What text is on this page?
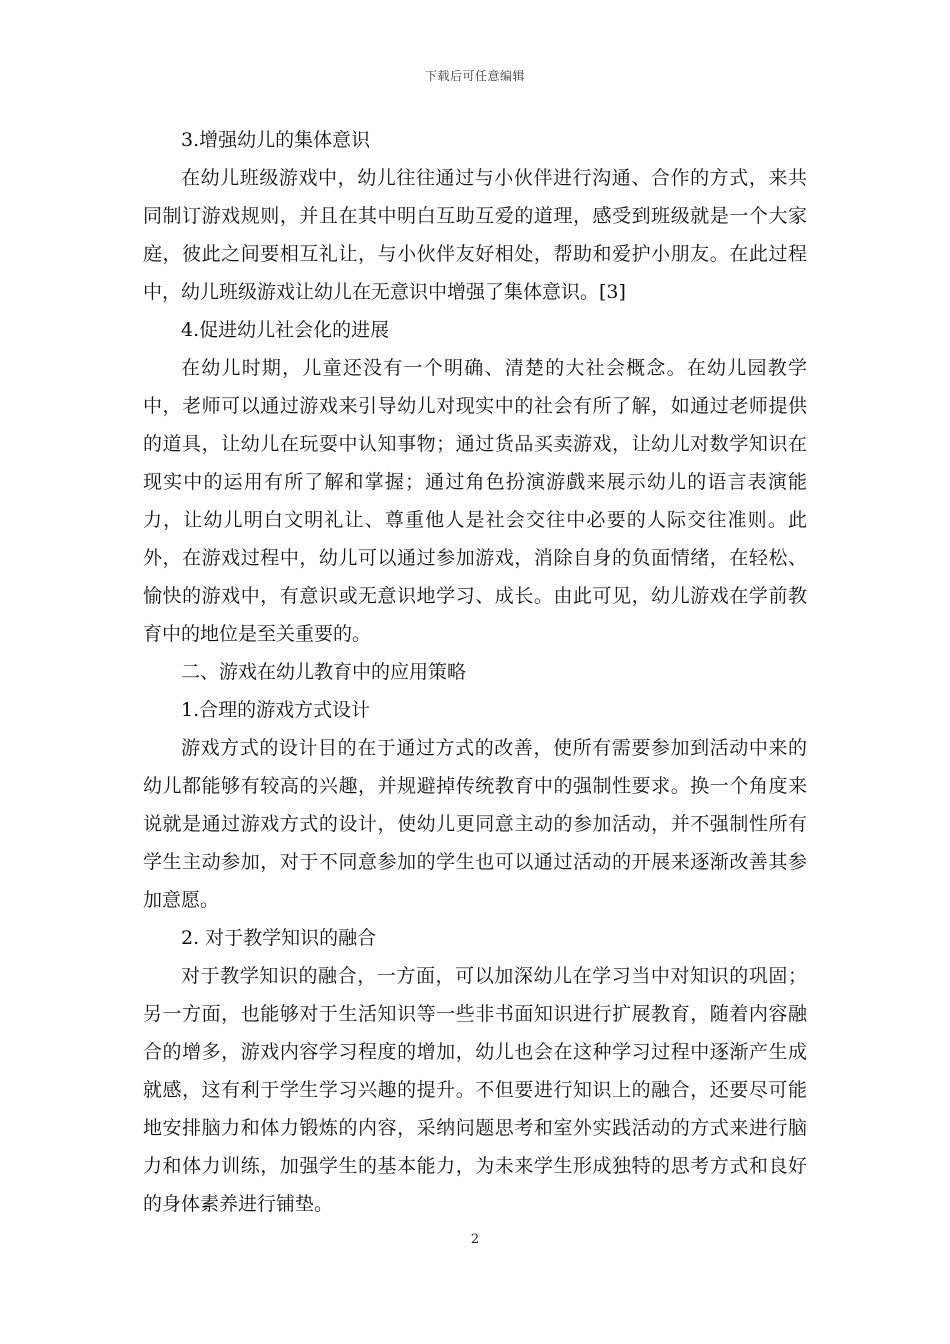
下载后可任意编辑

3.增强幼儿的集体意识

在幼儿班级游戏中，幼儿往往通过与小伙伴进行沟通、合作的方式，来共同制订游戏规则，并且在其中明白互助互爱的道理，感受到班级就是一个大家庭，彼此之间要相互礼让，与小伙伴友好相处，帮助和爱护小朋友。在此过程中，幼儿班级游戏让幼儿在无意识中增强了集体意识。[3]

4.促进幼儿社会化的进展

在幼儿时期，儿童还没有一个明确、清楚的大社会概念。在幼儿园教学中，老师可以通过游戏来引导幼儿对现实中的社会有所了解，如通过老师提供的道具，让幼儿在玩耍中认知事物；通过货品买卖游戏，让幼儿对数学知识在现实中的运用有所了解和掌握；通过角色扮演游戲来展示幼儿的语言表演能力，让幼儿明白文明礼让、尊重他人是社会交往中必要的人际交往准则。此外，在游戏过程中，幼儿可以通过参加游戏，消除自身的负面情绪，在轻松、愉快的游戏中，有意识或无意识地学习、成长。由此可见，幼儿游戏在学前教育中的地位是至关重要的。

二、游戏在幼儿教育中的应用策略

1.合理的游戏方式设计

游戏方式的设计目的在于通过方式的改善，使所有需要参加到活动中来的幼儿都能够有较高的兴趣，并规避掉传统教育中的强制性要求。换一个角度来说就是通过游戏方式的设计，使幼儿更同意主动的参加活动，并不强制性所有学生主动参加，对于不同意参加的学生也可以通过活动的开展来逐渐改善其参加意愿。

2. 对于教学知识的融合

对于教学知识的融合，一方面，可以加深幼儿在学习当中对知识的巩固；另一方面，也能够对于生活知识等一些非书面知识进行扩展教育，随着内容融合的增多，游戏内容学习程度的增加，幼儿也会在这种学习过程中逐渐产生成就感，这有利于学生学习兴趣的提升。不但要进行知识上的融合，还要尽可能地安排脑力和体力锻炼的内容，采纳问题思考和室外实践活动的方式来进行脑力和体力训练，加强学生的基本能力，为未来学生形成独特的思考方式和良好的身体素养进行铺垫。

2
